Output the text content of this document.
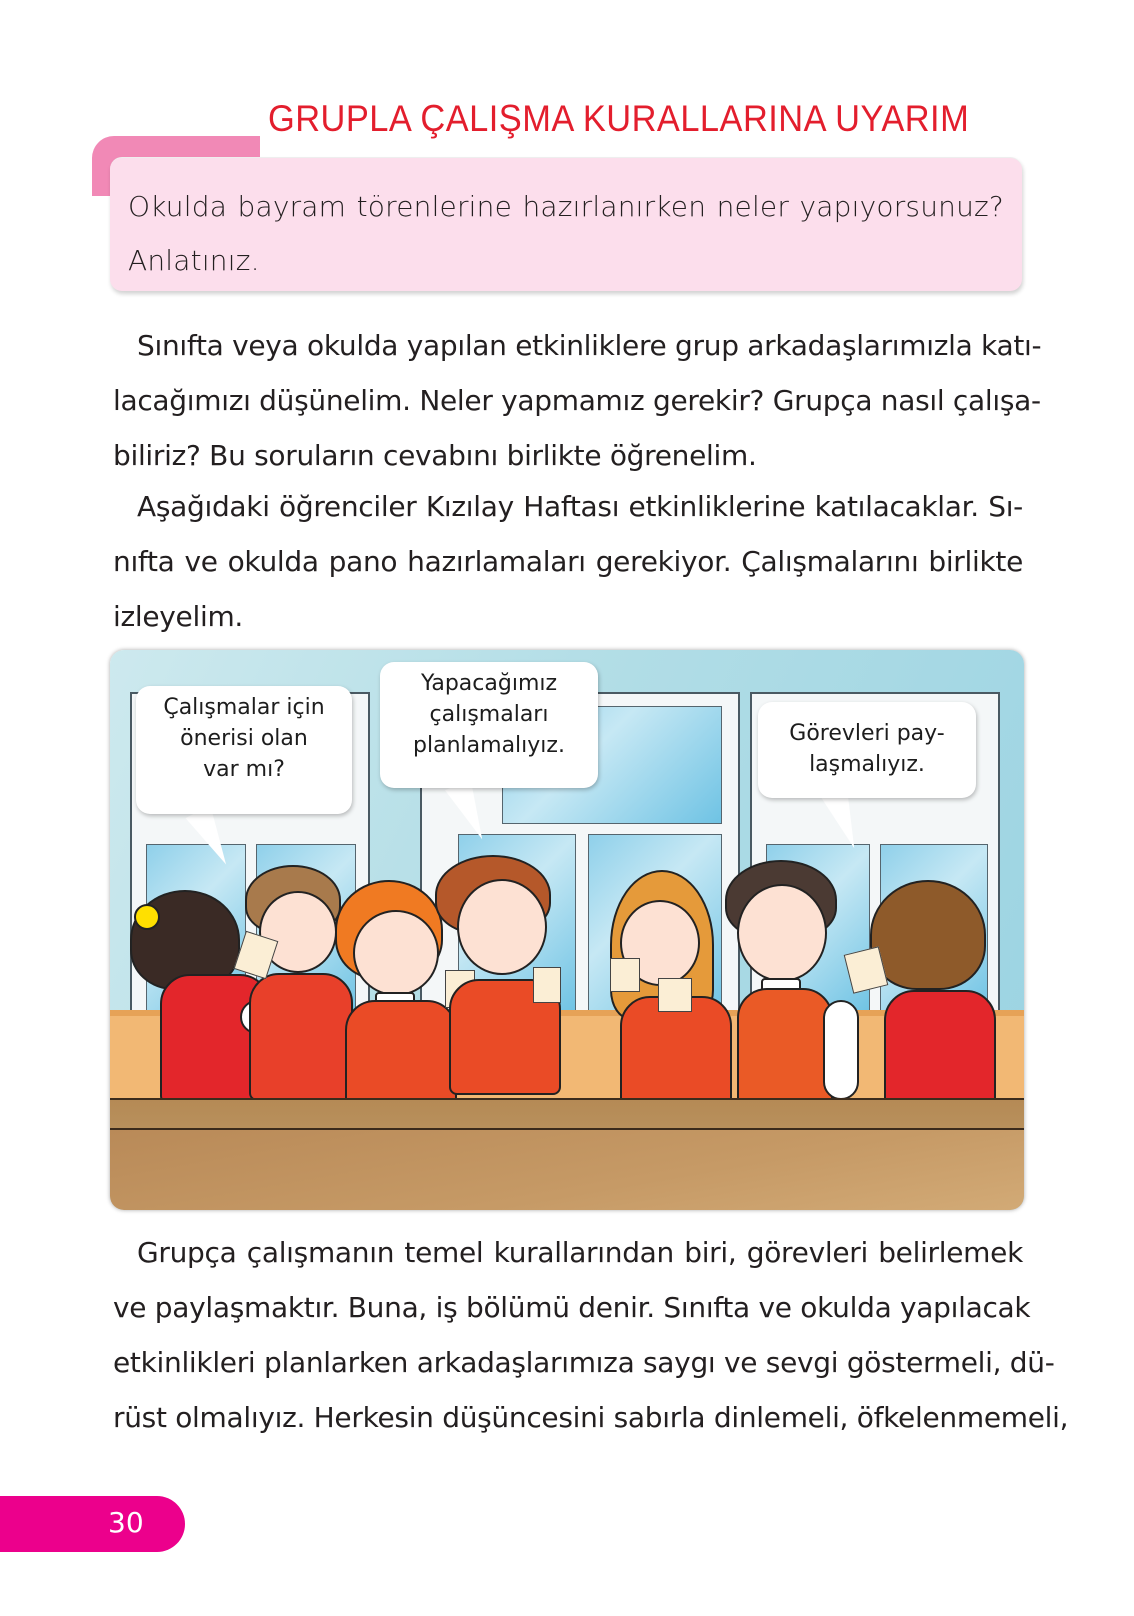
GRUPLA ÇALIŞMA KURALLARINA UYARIM
Okulda bayram törenlerine hazırlanırken neler yapıyorsunuz?
Anlatınız.
Sınıfta veya okulda yapılan etkinliklere grup arkadaşlarımızla katı-
lacağımızı düşünelim. Neler yapmamız gerekir? Grupça nasıl çalışa-
biliriz? Bu soruların cevabını birlikte öğrenelim.
Aşağıdaki öğrenciler Kızılay Haftası etkinliklerine katılacaklar. Sı-
nıfta ve okulda pano hazırlamaları gerekiyor. Çalışmalarını birlikte
izleyelim.
Çalışmalar için
önerisi olan
var mı?
Yapacağımız
çalışmaları
planlamalıyız.	Görevleri pay-
laşmalıyız.
Grupça çalışmanın temel kurallarından biri, görevleri belirlemek
ve paylaşmaktır. Buna, iş bölümü denir. Sınıfta ve okulda yapılacak
etkinlikleri planlarken arkadaşlarımıza saygı ve sevgi göstermeli, dü-
rüst olmalıyız. Herkesin düşüncesini sabırla dinlemeli, öfkelenmemeli,
30
